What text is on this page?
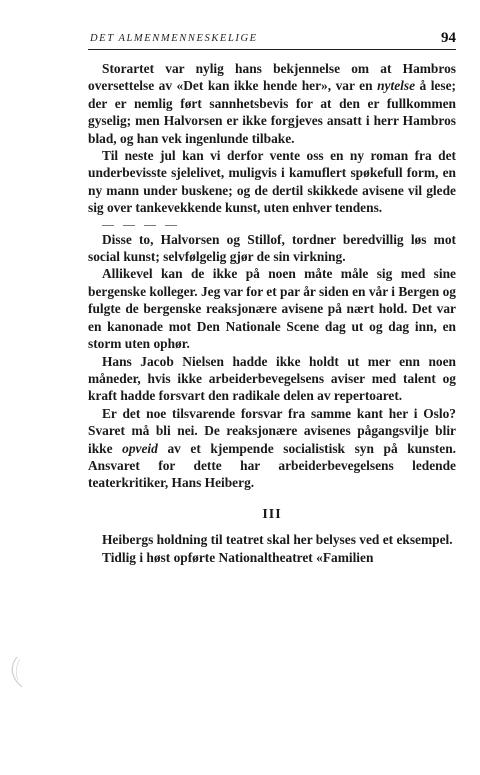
DET ALMENMENNESKELIGE	94

Storartet var nylig hans bekjennelse om at Hambros oversettelse av «Det kan ikke hende her», var en nytelse å lese; der er nemlig ført sannhetsbevis for at den er fullkommen gyselig; men Halvorsen er ikke forgjeves ansatt i herr Hambros blad, og han vek ingenlunde tilbake.

Til neste jul kan vi derfor vente oss en ny roman fra det underbevisste sjelelivet, muligvis i kamuflert spøkefull form, en ny mann under buskene; og de dertil skikkede avisene vil glede sig over tankevekkende kunst, uten enhver tendens.

— — — —

Disse to, Halvorsen og Stillof, tordner beredvillig løs mot social kunst; selvfølgelig gjør de sin virkning.

Allikevel kan de ikke på noen måte måle sig med sine bergenske kolleger. Jeg var for et par år siden en vår i Bergen og fulgte de bergenske reaksjonære avisene på nært hold. Det var en kanonade mot Den Nationale Scene dag ut og dag inn, en storm uten ophør.

Hans Jacob Nielsen hadde ikke holdt ut mer enn noen måneder, hvis ikke arbeiderbevegelsens aviser med talent og kraft hadde forsvart den radikale delen av repertoaret.

Er det noe tilsvarende forsvar fra samme kant her i Oslo? Svaret må bli nei. De reaksjonære avisenes pågangsvilje blir ikke opveid av et kjempende socialistisk syn på kunsten. Ansvaret for dette har arbeiderbevegelsens ledende teaterkritiker, Hans Heiberg.

III

Heibergs holdning til teatret skal her belyses ved et eksempel.

Tidlig i høst opførte Nationaltheatret «Familien
